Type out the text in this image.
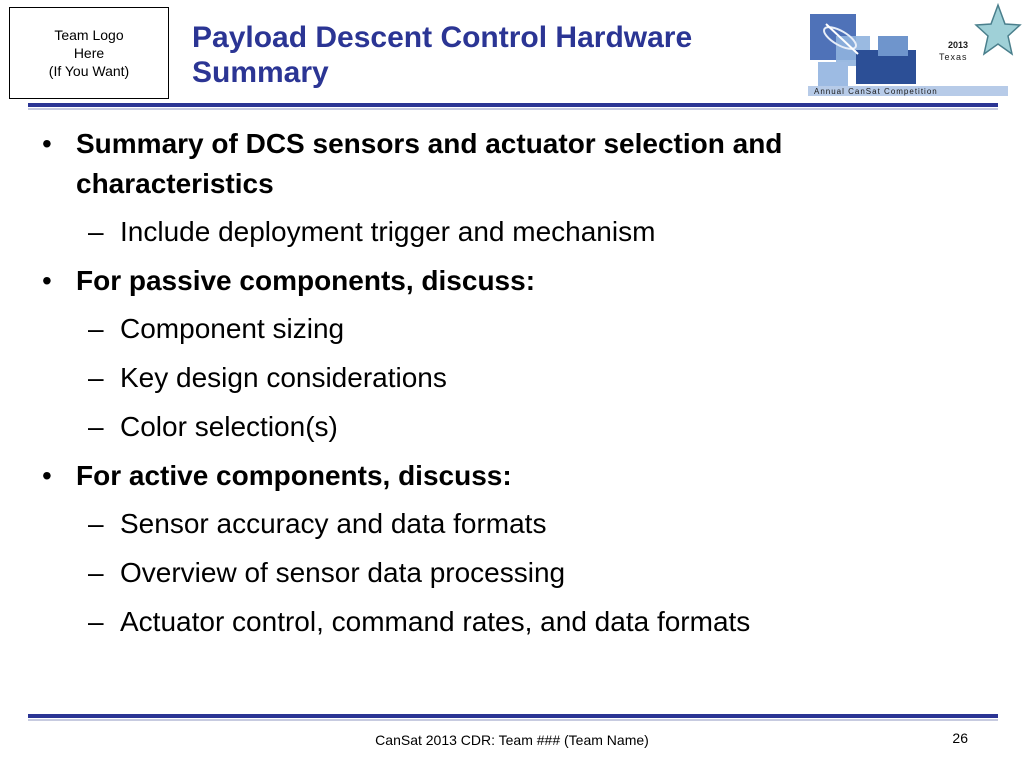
Team Logo
Here
(If You Want)
Payload Descent Control Hardware
Summary
2013
Texas
Annual CanSat Competition
• Summary of DCS sensors and actuator selection and characteristics
– Include deployment trigger and mechanism
• For passive components, discuss:
– Component sizing
– Key design considerations
– Color selection(s)
• For active components, discuss:
– Sensor accuracy and data formats
– Overview of sensor data processing
– Actuator control, command rates, and data formats
CanSat 2013 CDR: Team ### (Team Name)	26
